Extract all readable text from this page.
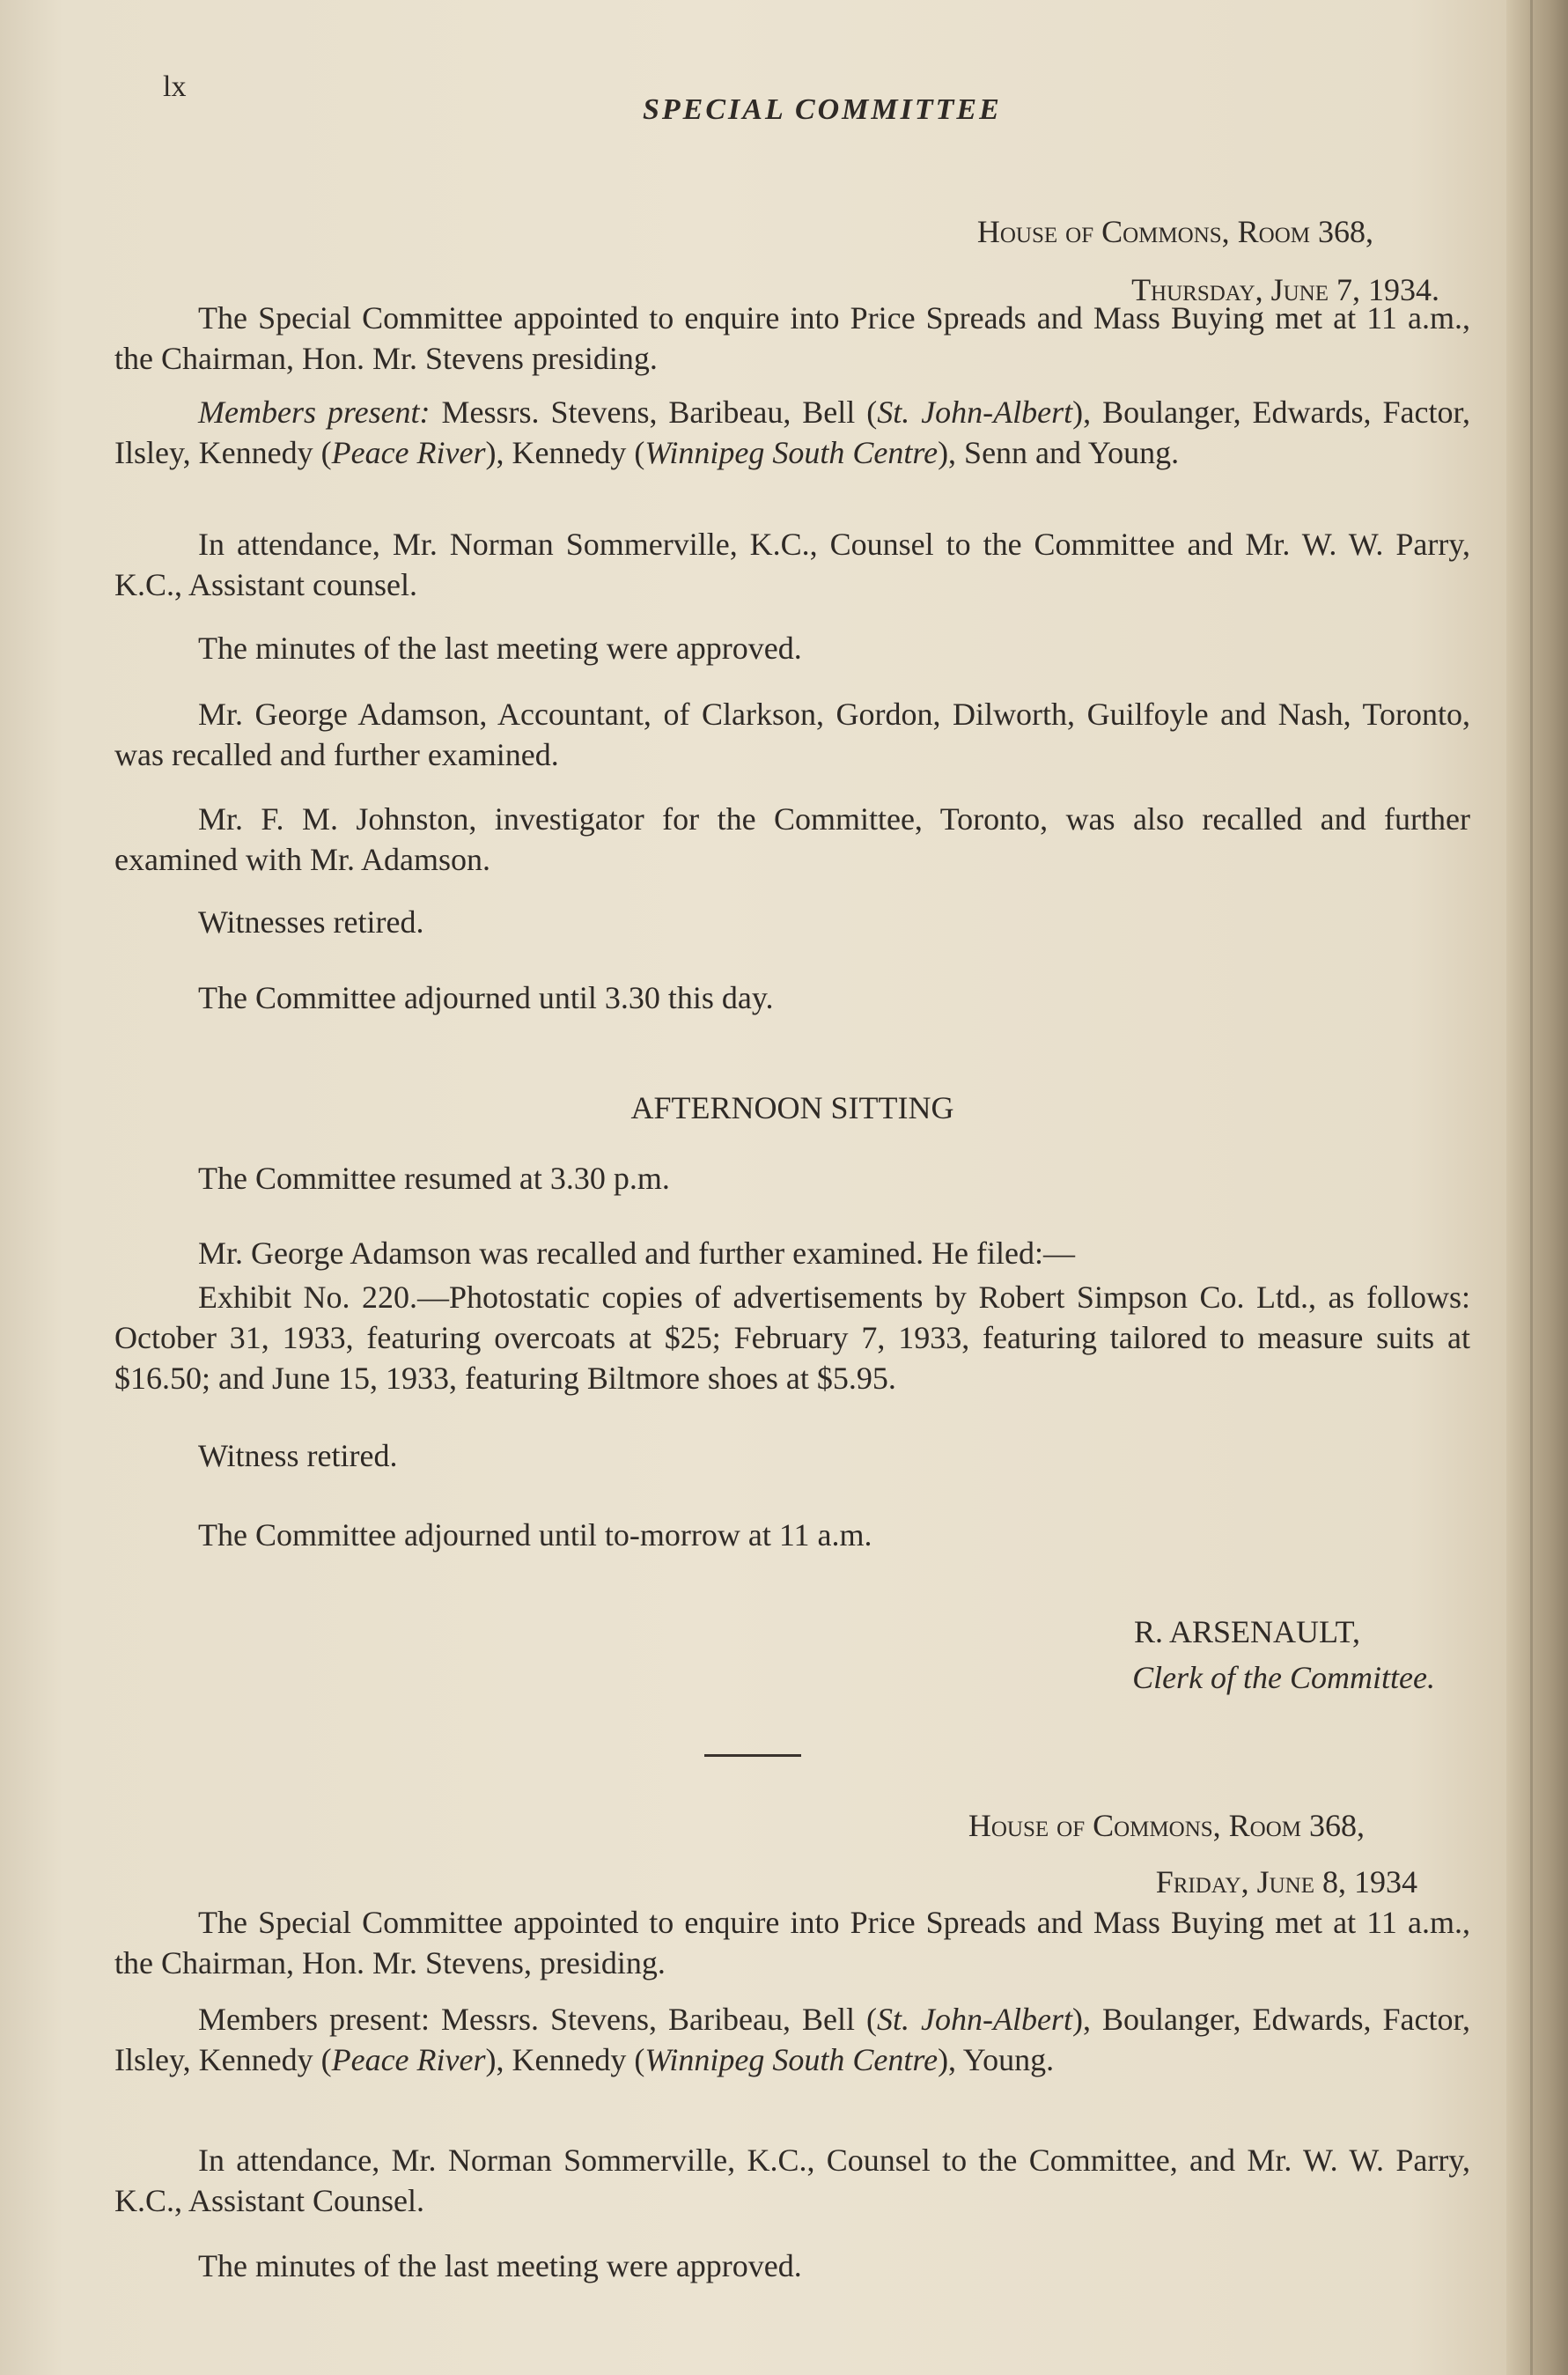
lx
SPECIAL COMMITTEE
House of Commons, Room 368,
Thursday, June 7, 1934.

The Special Committee appointed to enquire into Price Spreads and Mass Buying met at 11 a.m., the Chairman, Hon. Mr. Stevens presiding.

Members present: Messrs. Stevens, Baribeau, Bell (St. John-Albert), Boulanger, Edwards, Factor, Ilsley, Kennedy (Peace River), Kennedy (Winnipeg South Centre), Senn and Young.

In attendance, Mr. Norman Sommerville, K.C., Counsel to the Committee and Mr. W. W. Parry, K.C., Assistant counsel.

The minutes of the last meeting were approved.

Mr. George Adamson, Accountant, of Clarkson, Gordon, Dilworth, Guilfoyle and Nash, Toronto, was recalled and further examined.

Mr. F. M. Johnston, investigator for the Committee, Toronto, was also recalled and further examined with Mr. Adamson.

Witnesses retired.

The Committee adjourned until 3.30 this day.

AFTERNOON SITTING

The Committee resumed at 3.30 p.m.

Mr. George Adamson was recalled and further examined. He filed:—

Exhibit No. 220.—Photostatic copies of advertisements by Robert Simpson Co. Ltd., as follows: October 31, 1933, featuring overcoats at $25; February 7, 1933, featuring tailored to measure suits at $16.50; and June 15, 1933, featuring Biltmore shoes at $5.95.

Witness retired.

The Committee adjourned until to-morrow at 11 a.m.

R. ARSENAULT,
Clerk of the Committee.
House of Commons, Room 368,
Friday, June 8, 1934

The Special Committee appointed to enquire into Price Spreads and Mass Buying met at 11 a.m., the Chairman, Hon. Mr. Stevens, presiding.

Members present: Messrs. Stevens, Baribeau, Bell (St. John-Albert), Boulanger, Edwards, Factor, Ilsley, Kennedy (Peace River), Kennedy (Winnipeg South Centre), Young.

In attendance, Mr. Norman Sommerville, K.C., Counsel to the Committee, and Mr. W. W. Parry, K.C., Assistant Counsel.

The minutes of the last meeting were approved.
